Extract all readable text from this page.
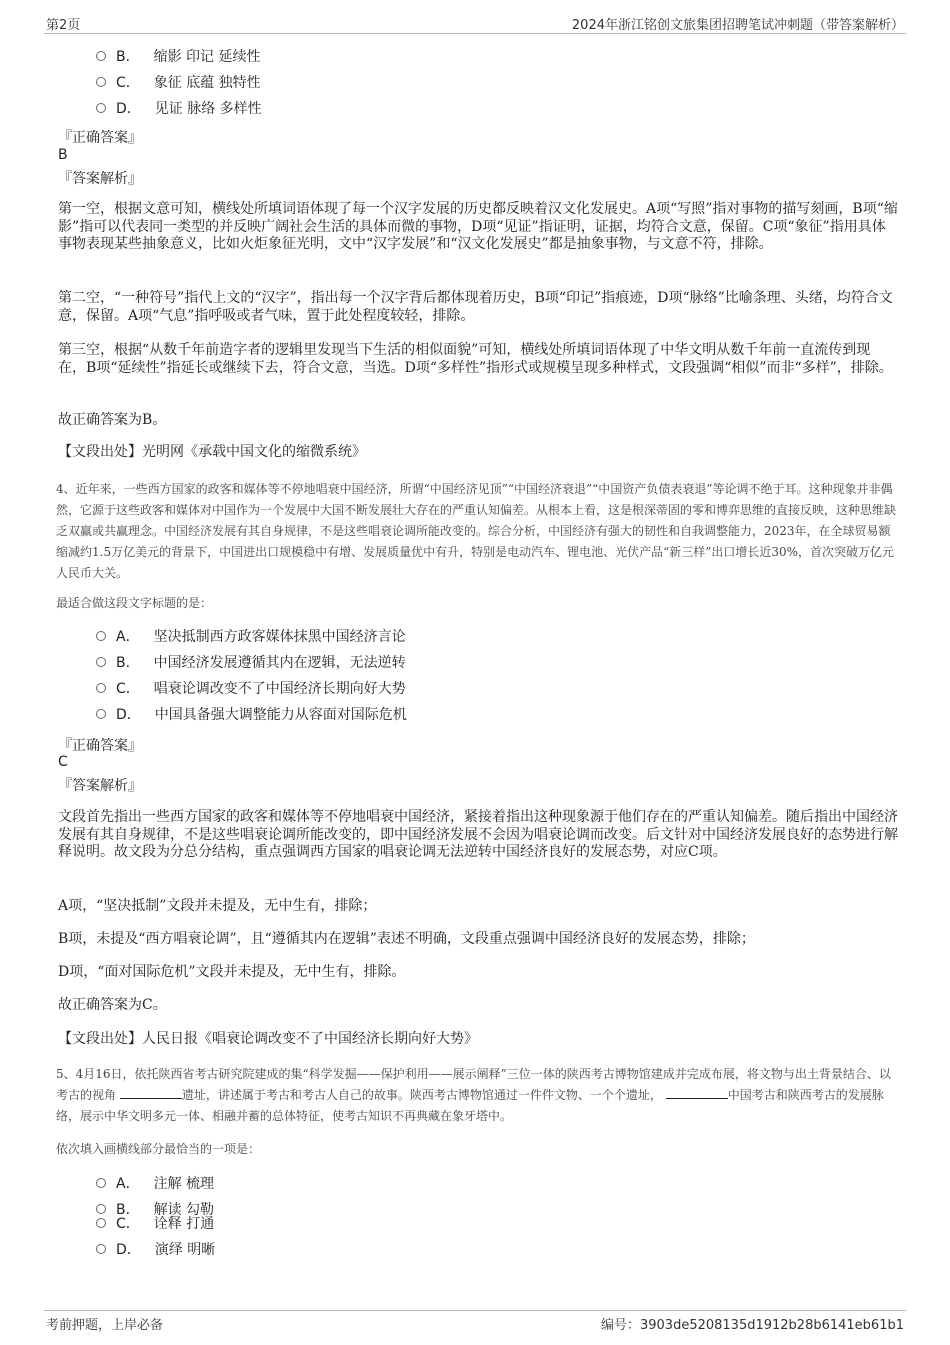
第2页	2024年浙江铭创文旅集团招聘笔试冲刺题（带答案解析）
B． 缩影 印记 延续性
C． 象征 底蕴 独特性
D． 见证 脉络 多样性
『正确答案』
B
『答案解析』

第一空，根据文意可知，横线处所填词语体现了每一个汉字发展的历史都反映着汉文化发展史。A项“写照”指对事物的描写刻画，B项“缩影”指可以代表同一类型的并反映广阔社会生活的具体而微的事物，D项“见证”指证明，证据，均符合文意，保留。C项“象征”指用具体事物表现某些抽象意义，比如火炬象征光明，文中“汉字发展”和“汉文化发展史”都是抽象事物，与文意不符，排除。

第二空，“一种符号”指代上文的“汉字”，指出每一个汉字背后都体现着历史，B项“印记”指痕迹，D项“脉络”比喻条理、头绪，均符合文意，保留。A项“气息”指呼吸或者气味，置于此处程度较轻，排除。

第三空，根据“从数千年前造字者的逻辑里发现当下生活的相似面貌”可知，横线处所填词语体现了中华文明从数千年前一直流传到现在，B项“延续性”指延长或继续下去，符合文意，当选。D项“多样性”指形式或规模呈现多种样式，文段强调“相似”而非“多样”，排除。

故正确答案为B。

【文段出处】光明网《承载中国文化的缩微系统》

4、近年来，一些西方国家的政客和媒体等不停地唱衰中国经济，所谓“中国经济见顶”“中国经济衰退”“中国资产负债表衰退”等论调不绝于耳。这种现象并非偶然，它源于这些政客和媒体对中国作为一个发展中大国不断发展壮大存在的严重认知偏差。从根本上看，这是根深蒂固的零和博弈思维的直接反映，这种思维缺乏双赢或共赢理念。中国经济发展有其自身规律，不是这些唱衰论调所能改变的。综合分析，中国经济有强大的韧性和自我调整能力，2023年，在全球贸易额缩减约1.5万亿美元的背景下，中国进出口规模稳中有增、发展质量优中有升，特别是电动汽车、锂电池、光伏产品“新三样”出口增长近30%，首次突破万亿元人民币大关。

最适合做这段文字标题的是：

A． 坚决抵制西方政客媒体抹黑中国经济言论
B． 中国经济发展遵循其内在逻辑，无法逆转
C． 唱衰论调改变不了中国经济长期向好大势
D． 中国具备强大调整能力从容面对国际危机
『正确答案』
C
『答案解析』

文段首先指出一些西方国家的政客和媒体等不停地唱衰中国经济，紧接着指出这种现象源于他们存在的严重认知偏差。随后指出中国经济发展有其自身规律，不是这些唱衰论调所能改变的，即中国经济发展不会因为唱衰论调而改变。后文针对中国经济发展良好的态势进行解释说明。故文段为分总分结构，重点强调西方国家的唱衰论调无法逆转中国经济良好的发展态势，对应C项。

A项，“坚决抵制”文段并未提及，无中生有，排除；

B项，未提及“西方唱衰论调”，且“遵循其内在逻辑”表述不明确，文段重点强调中国经济良好的发展态势，排除；

D项，“面对国际危机”文段并未提及，无中生有，排除。

故正确答案为C。

【文段出处】人民日报《唱衰论调改变不了中国经济长期向好大势》

5、4月16日，依托陕西省考古研究院建成的集“科学发掘——保护利用——展示阐释”三位一体的陕西考古博物馆建成并完成布展，将文物与出土背景结合、以考古的视角	遗址，讲述属于考古和考古人自己的故事。陕西考古博物馆通过一件件文物、一个个遗址，	中国考古和陕西考古的发展脉络，展示中华文明多元一体、相融并蓄的总体特征，使考古知识不再典藏在象牙塔中。

依次填入画横线部分最恰当的一项是：

A． 注解 梳理
B． 解读 勾勒
C． 诠释 打通
D． 演绎 明晰
考前押题，上岸必备	编号：3903de5208135d1912b28b6141eb61b1
